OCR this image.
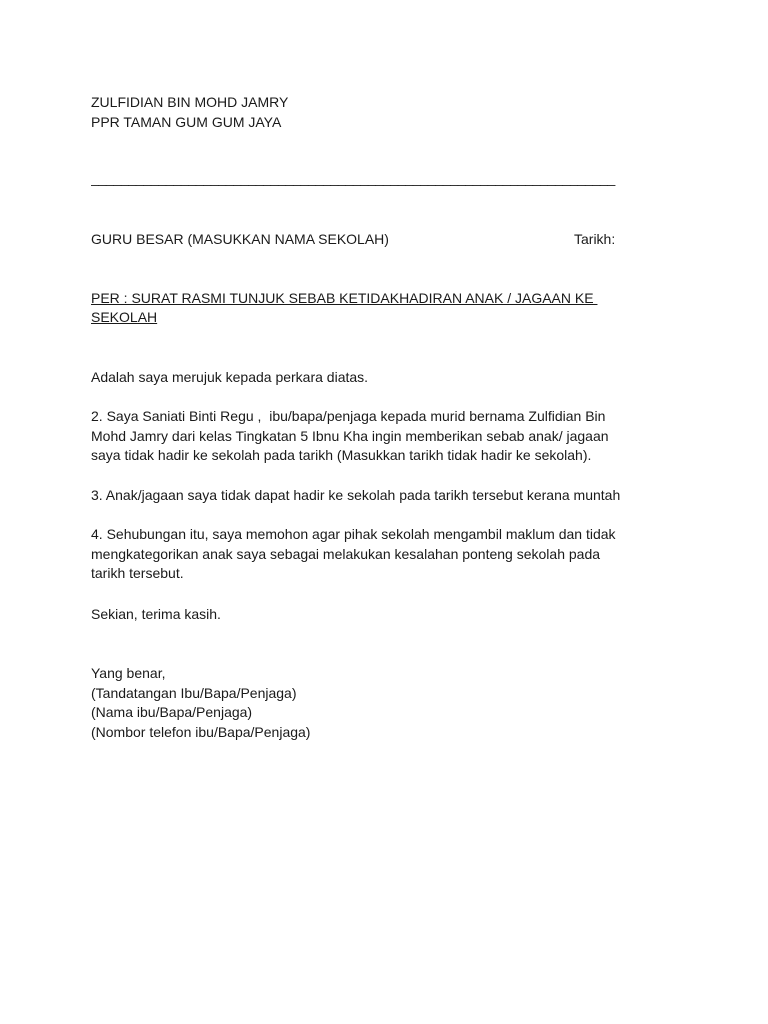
ZULFIDIAN BIN MOHD JAMRY
PPR TAMAN GUM GUM JAYA
______________________________________________________________________
GURU BESAR (MASUKKAN NAMA SEKOLAH)	Tarikh:
PER : SURAT RASMI TUNJUK SEBAB KETIDAKHADIRAN ANAK / JAGAAN KE
SEKOLAH
Adalah saya merujuk kepada perkara diatas.
2. Saya Saniati Binti Regu ,  ibu/bapa/penjaga kepada murid bernama Zulfidian Bin
Mohd Jamry dari kelas Tingkatan 5 Ibnu Kha ingin memberikan sebab anak/ jagaan
saya tidak hadir ke sekolah pada tarikh (Masukkan tarikh tidak hadir ke sekolah).
3. Anak/jagaan saya tidak dapat hadir ke sekolah pada tarikh tersebut kerana muntah
4. Sehubungan itu, saya memohon agar pihak sekolah mengambil maklum dan tidak
mengkategorikan anak saya sebagai melakukan kesalahan ponteng sekolah pada
tarikh tersebut.
Sekian, terima kasih.
Yang benar,
(Tandatangan Ibu/Bapa/Penjaga)
(Nama ibu/Bapa/Penjaga)
(Nombor telefon ibu/Bapa/Penjaga)
